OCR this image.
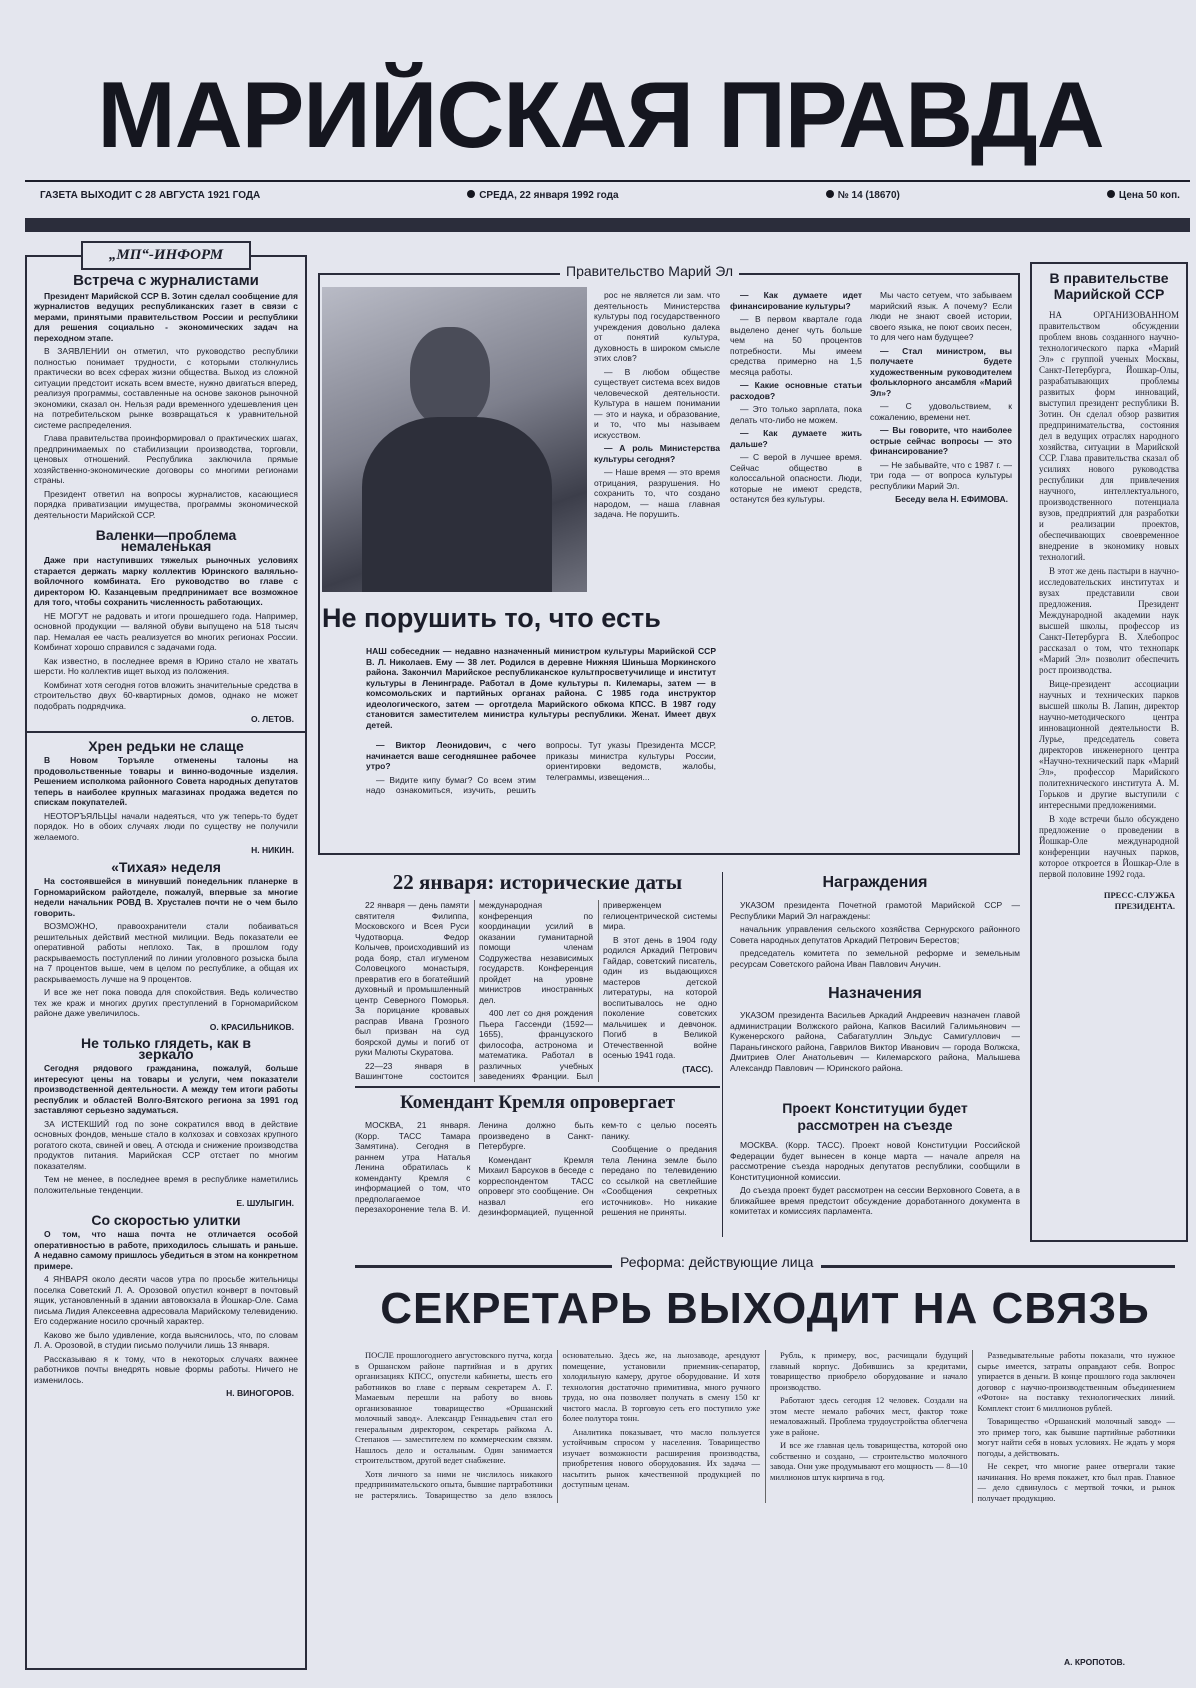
МАРИЙСКАЯ ПРАВДА
ГАЗЕТА ВЫХОДИТ С 28 АВГУСТА 1921 ГОДА	СРЕДА, 22 января 1992 года	№ 14 (18670)	Цена 50 коп.
„МП“-ИНФОРМ
Встреча с журналистами

Президент Марийской ССР В. Зотин сделал сообщение для журналистов ведущих республиканских газет в связи с мерами, принятыми правительством России и республики для решения социально - экономических задач на переходном этапе.

В ЗАЯВЛЕНИИ он отметил, что руководство республики полностью понимает трудности, с которыми столкнулись практически во всех сферах жизни общества. Выход из сложной ситуации предстоит искать всем вместе, нужно двигаться вперед, реализуя программы, составленные на основе законов рыночной экономики, сказал он. Нельзя ради временного удешевления цен на потребительском рынке возвращаться к уравнительной системе распределения.

Глава правительства проинформировал о практических шагах, предпринимаемых по стабилизации производства, торговли, ценовых отношений. Республика заключила прямые хозяйственно-экономические договоры со многими регионами страны.

Президент ответил на вопросы журналистов, касающиеся порядка приватизации имущества, программы экономической деятельности Марийской ССР.

Валенки—проблема немаленькая

Даже при наступивших тяжелых рыночных условиях старается держать марку коллектив Юринского валяльно-войлочного комбината. Его руководство во главе с директором Ю. Казанцевым предпринимает все возможное для того, чтобы сохранить численность работающих.

НЕ МОГУТ не радовать и итоги прошедшего года. Например, основной продукции — валяной обуви выпущено на 518 тысяч пар. Немалая ее часть реализуется во многих регионах России. Комбинат хорошо справился с задачами года.

Как известно, в последнее время в Юрино стало не хватать шерсти. Но коллектив ищет выход из положения.

Комбинат хотя сегодня готов вложить значительные средства в строительство двух 60-квартирных домов, однако не может подобрать подрядчика.

О. ЛЕТОВ.
Хрен редьки не слаще

В Новом Торъяле отменены талоны на продовольственные товары и винно-водочные изделия. Решением исполкома районного Совета народных депутатов теперь в наиболее крупных магазинах продажа ведется по спискам покупателей.

НЕОТОРЪЯЛЬЦЫ начали надеяться, что уж теперь-то будет порядок. Но в обоих случаях люди по существу не получили желаемого.

Н. НИКИН.
«Тихая» неделя

На состоявшейся в минувший понедельник планерке в Горномарийском райотделе, пожалуй, впервые за многие недели начальник РОВД В. Хрусталев почти не о чем было говорить.

ВОЗМОЖНО, правоохранители стали побаиваться решительных действий местной милиции. Ведь показатели ее оперативной работы неплохо. Так, в прошлом году раскрываемость поступлений по линии уголовного розыска была на 7 процентов выше, чем в целом по республике, а общая их раскрываемость лучше на 9 процентов.

И все же нет пока повода для спокойствия. Ведь количество тех же краж и многих других преступлений в Горномарийском районе даже увеличилось.

О. КРАСИЛЬНИКОВ.
Не только глядеть, как в зеркало

Сегодня рядового гражданина, пожалуй, больше интересуют цены на товары и услуги, чем показатели производственной деятельности. А между тем итоги работы республик и областей Волго-Вятского региона за 1991 год заставляют серьезно задуматься.

ЗА ИСТЕКШИЙ год по зоне сократился ввод в действие основных фондов, меньше стало в колхозах и совхозах крупного рогатого скота, свиней и овец. А отсюда и снижение производства продуктов питания. Марийская ССР отстает по многим показателям.

Тем не менее, в последнее время в республике наметились положительные тенденции.

Е. ШУЛЫГИН.
Со скоростью улитки

О том, что наша почта не отличается особой оперативностью в работе, приходилось слышать и раньше. А недавно самому пришлось убедиться в этом на конкретном примере.

4 ЯНВАРЯ около десяти часов утра по просьбе жительницы поселка Советский Л. А. Орозовой опустил конверт в почтовый ящик, установленный в здании автовокзала в Йошкар-Оле. Сама письма Лидия Алексеевна адресовала Марийскому телевидению. Его содержание носило срочный характер.

Каково же было удивление, когда выяснилось, что, по словам Л. А. Орозовой, в студии письмо получили лишь 13 января.

Рассказываю я к тому, что в некоторых случаях важнее работников почты внедрять новые формы работы. Ничего не изменилось.

Н. ВИНОГОРОВ.
Правительство Марий Эл
Не порушить то, что есть
НАШ собеседник — недавно назначенный министром культуры Марийской ССР В. Л. Николаев. Ему — 38 лет. Родился в деревне Нижняя Шиньша Моркинского района. Закончил Марийское республиканское культпросветучилище и институт культуры в Ленинграде. Работал в Доме культуры п. Килемары, затем — в комсомольских и партийных органах района. С 1985 года инструктор идеологического, затем — орготдела Марийского обкома КПСС. В 1987 году становится заместителем министра культуры республики. Женат. Имеет двух детей.

— Виктор Леонидович, с чего начинается ваше сегодняшнее рабочее утро?

— Видите кипу бумаг? Со всем этим надо ознакомиться, изучить, решить вопросы. Тут указы Президента МССР, приказы министра культуры России, ориентировки ведомств, жалобы, телеграммы, извещения...

рос не является ли зам. что деятельность Министерства культуры под государственного учреждения довольно далека от понятий культура, духовность в широком смысле этих слов?

— В любом обществе существует система всех видов человеческой деятельности. Культура в нашем понимании — это и наука, и образование, и то, что мы называем искусством.

— А роль Министерства культуры сегодня?

— Наше время — это время отрицания, разрушения. Но сохранить то, что создано народом, — наша главная задача. Не порушить.

— Как думаете идет финансирование культуры?

— В первом квартале года выделено денег чуть больше чем на 50 процентов потребности. Мы имеем средства примерно на 1,5 месяца работы.

— Какие основные статьи расходов?

— Это только зарплата, пока делать что-либо не можем.

— Как думаете жить дальше?

— С верой в лучшее время. Сейчас общество в колоссальной опасности. Люди, которые не имеют средств, останутся без культуры.

Мы часто сетуем, что забываем марийский язык. А почему? Если люди не знают своей истории, своего языка, не поют своих песен, то для чего нам будущее?

— Стал министром, вы получаете будете художественным руководителем фольклорного ансамбля «Марий Эл»?

— С удовольствием, к сожалению, времени нет.

— Вы говорите, что наиболее острые сейчас вопросы — это финансирование?

— Не забывайте, что с 1987 г. — три года — от вопроса культуры республики Марий Эл.

Беседу вела Н. ЕФИМОВА.
22 января: исторические даты

22 января — день памяти святителя Филиппа, Московского и Всея Руси Чудотворца. Федор Колычев, происходивший из рода бояр, стал игуменом Соловецкого монастыря, превратив его в богатейший духовный и промышленный центр Северного Поморья. За порицание кровавых расправ Ивана Грозного был призван на суд боярской думы и погиб от руки Малюты Скуратова.

22—23 января в Вашингтоне состоится международная конференция по координации усилий в оказании гуманитарной помощи членам Содружества независимых государств. Конференция пройдет на уровне министров иностранных дел.

400 лет со дня рождения Пьера Гассенди (1592—1655), французского философа, астронома и математика. Работал в различных учебных заведениях Франции. Был приверженцем гелиоцентрической системы мира.

В этот день в 1904 году родился Аркадий Петрович Гайдар, советский писатель, один из выдающихся мастеров детской литературы, на которой воспитывалось не одно поколение советских мальчишек и девчонок. Погиб в Великой Отечественной войне осенью 1941 года.

(ТАСС).
Комендант Кремля опровергает

МОСКВА, 21 января. (Корр. ТАСС Тамара Замятина). Сегодня в раннем утра Наталья Ленина обратилась к коменданту Кремля с информацией о том, что предполагаемое перезахоронение тела В. И. Ленина должно быть произведено в Санкт-Петербурге.

Комендант Кремля Михаил Барсуков в беседе с корреспондентом ТАСС опроверг это сообщение. Он назвал его дезинформацией, пущенной кем-то с целью посеять панику.

Сообщение о предания тела Ленина земле было передано по телевидению со ссылкой на светлейшие «Сообщения секретных источников». Но никакие решения не приняты.

Награждения

УКАЗОМ президента Почетной грамотой Марийской ССР — Республики Марий Эл награждены:

начальник управления сельского хозяйства Сернурского районного Совета народных депутатов Аркадий Петрович Берестов;

председатель комитета по земельной реформе и земельным ресурсам Советского района Иван Павлович Анучин.

Назначения

УКАЗОМ президента Васильев Аркадий Андреевич назначен главой администрации Волжского района, Капков Василий Галимьянович — Куженерского района, Сабагатуллин Эльдус Самигуллович — Параньгинского района, Гаврилов Виктор Иванович — города Волжска, Дмитриев Олег Анатольевич — Килемарского района, Малышева Александр Павлович — Юринского района.

Проект Конституции будет рассмотрен на съезде

МОСКВА. (Корр. ТАСС). Проект новой Конституции Российской Федерации будет вынесен в конце марта — начале апреля на рассмотрение съезда народных депутатов республики, сообщили в Конституционной комиссии.

До съезда проект будет рассмотрен на сессии Верховного Совета, а в ближайшее время предстоит обсуждение доработанного документа в комитетах и комиссиях парламента.

В правительстве Марийской ССР

НА ОРГАНИЗОВАННОМ правительством обсуждении проблем вновь созданного научно-технологического парка «Марий Эл» с группой ученых Москвы, Санкт-Петербурга, Йошкар-Олы, разрабатывающих проблемы развитых форм инноваций, выступил президент республики В. Зотин. Он сделал обзор развития предпринимательства, состояния дел в ведущих отраслях народного хозяйства, ситуации в Марийской ССР. Глава правительства сказал об усилиях нового руководства республики для привлечения научного, интеллектуального, производственного потенциала вузов, предприятий для разработки и реализации проектов, обеспечивающих своевременное внедрение в экономику новых технологий.

В этот же день пастыри в научно-исследовательских институтах и вузах представили свои предложения. Президент Международной академии наук высшей школы, профессор из Санкт-Петербурга В. Хлебопрос рассказал о том, что технопарк «Марий Эл» позволит обеспечить рост производства.

Вице-президент ассоциации научных и технических парков высшей школы В. Лапин, директор научно-методического центра инновационной деятельности В. Лурье, председатель совета директоров инженерного центра «Научно-технический парк «Марий Эл», профессор Марийского политехнического института А. М. Горьков и другие выступили с интересными предложениями.

В ходе встречи было обсуждено предложение о проведении в Йошкар-Оле международной конференции научных парков, которое откроется в Йошкар-Оле в первой половине 1992 года.

ПРЕСС-СЛУЖБА ПРЕЗИДЕНТА.
Реформа: действующие лица
СЕКРЕТАРЬ ВЫХОДИТ НА СВЯЗЬ

ПОСЛЕ прошлогоднего августовского путча, когда в Оршанском районе партийная и в других организациях КПСС, опустели кабинеты, шесть его работников во главе с первым секретарем А. Г. Мамаевым перешли на работу во вновь организованное товарищество «Оршанский молочный завод». Александр Геннадьевич стал его генеральным директором, секретарь райкома А. Степанов — заместителем по коммерческим связям. Нашлось дело и остальным. Один занимается строительством, другой ведет снабжение.

Хотя личного за ними не числилось никакого предпринимательского опыта, бывшие партработники не растерялись. Товарищество за дело взялось основательно. Здесь же, на льнозаводе, арендуют помещение, установили приемник-сепаратор, холодильную камеру, другое оборудование. И хотя технология достаточно примитивна, много ручного труда, но она позволяет получать в смену 150 кг чистого масла. В торговую сеть его поступило уже более полутора тонн.

Аналитика показывает, что масло пользуется устойчивым спросом у населения. Товарищество изучает возможности расширения производства, приобретения нового оборудования. Их задача — насытить рынок качественной продукцией по доступным ценам.

Рубль, к примеру, вос, расчищали будущий главный корпус. Добившись за кредитами, товарищество приобрело оборудование и начало производство.

Работают здесь сегодня 12 человек. Создали на этом месте немало рабочих мест, фактор тоже немаловажный. Проблема трудоустройства облегчена уже в районе.

И все же главная цель товарищества, которой оно собственно и создано, — строительство молочного завода. Они уже продумывают его мощность — 8—10 миллионов штук кирпича в год.

Разведывательные работы показали, что нужное сырье имеется, затраты оправдают себя. Вопрос упирается в деньги. В конце прошлого года заключен договор с научно-производственным объединением «Фотон» на поставку технологических линий. Комплект стоит 6 миллионов рублей.

Товарищество «Оршанский молочный завод» — это пример того, как бывшие партийные работники могут найти себя в новых условиях. Не ждать у моря погоды, а действовать.

Не секрет, что многие ранее отвергали такие начинания. Но время покажет, кто был прав. Главное — дело сдвинулось с мертвой точки, и рынок получает продукцию.

А. КРОПОТОВ.
